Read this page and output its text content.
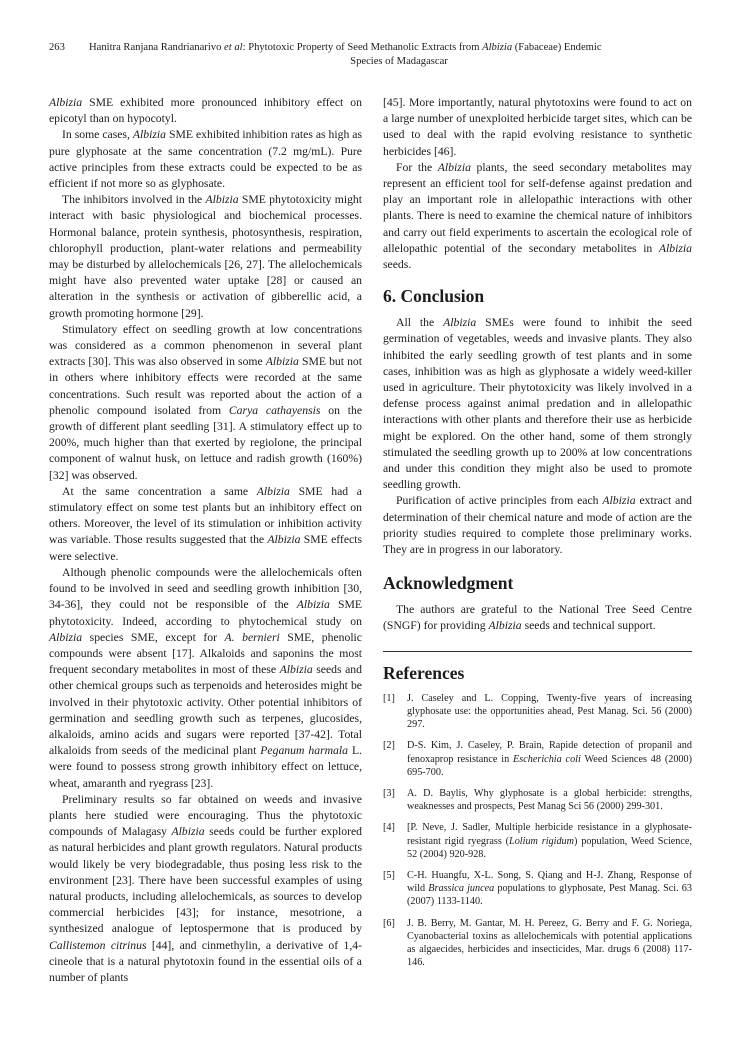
263 Hanitra Ranjana Randrianarivo et al: Phytotoxic Property of Seed Methanolic Extracts from Albizia (Fabaceae) Endemic
Species of Madagascar

Albizia SME exhibited more pronounced inhibitory effect on epicotyl than on hypocotyl.

In some cases, Albizia SME exhibited inhibition rates as high as pure glyphosate at the same concentration (7.2 mg/mL). Pure active principles from these extracts could be expected to be as efficient if not more so as glyphosate.

The inhibitors involved in the Albizia SME phytotoxicity might interact with basic physiological and biochemical processes. Hormonal balance, protein synthesis, photosynthesis, respiration, chlorophyll production, plant-water relations and permeability may be disturbed by allelochemicals [26, 27]. The allelochemicals might have also prevented water uptake [28] or caused an alteration in the synthesis or activation of gibberellic acid, a growth promoting hormone [29].

Stimulatory effect on seedling growth at low concentrations was considered as a common phenomenon in several plant extracts [30]. This was also observed in some Albizia SME but not in others where inhibitory effects were recorded at the same concentrations. Such result was reported about the action of a phenolic compound isolated from Carya cathayensis on the growth of different plant seedling [31]. A stimulatory effect up to 200%, much higher than that exerted by regiolone, the principal component of walnut husk, on lettuce and radish growth (160%) [32] was observed.

At the same concentration a same Albizia SME had a stimulatory effect on some test plants but an inhibitory effect on others. Moreover, the level of its stimulation or inhibition activity was variable. Those results suggested that the Albizia SME effects were selective.

Although phenolic compounds were the allelochemicals often found to be involved in seed and seedling growth inhibition [30, 34-36], they could not be responsible of the Albizia SME phytotoxicity. Indeed, according to phytochemical study on Albizia species SME, except for A. bernieri SME, phenolic compounds were absent [17]. Alkaloids and saponins the most frequent secondary metabolites in most of these Albizia seeds and other chemical groups such as terpenoids and heterosides might be involved in their phytotoxic activity. Other potential inhibitors of germination and seedling growth such as terpenes, glucosides, alkaloids, amino acids and sugars were reported [37-42]. Total alkaloids from seeds of the medicinal plant Peganum harmala L. were found to possess strong growth inhibitory effect on lettuce, wheat, amaranth and ryegrass [23].

Preliminary results so far obtained on weeds and invasive plants here studied were encouraging. Thus the phytotoxic compounds of Malagasy Albizia seeds could be further explored as natural herbicides and plant growth regulators. Natural products would likely be very biodegradable, thus posing less risk to the environment [23]. There have been successful examples of using natural products, including allelochemicals, as sources to develop commercial herbicides [43]; for instance, mesotrione, a synthesized analogue of leptospermone that is produced by Callistemon citrinus [44], and cinmethylin, a derivative of 1,4-cineole that is a natural phytotoxin found in the essential oils of a number of plants

[45]. More importantly, natural phytotoxins were found to act on a large number of unexploited herbicide target sites, which can be used to deal with the rapid evolving resistance to synthetic herbicides [46].

For the Albizia plants, the seed secondary metabolites may represent an efficient tool for self-defense against predation and play an important role in allelopathic interactions with other plants. There is need to examine the chemical nature of inhibitors and carry out field experiments to ascertain the ecological role of allelopathic potential of the secondary metabolites in Albizia seeds.

6. Conclusion

All the Albizia SMEs were found to inhibit the seed germination of vegetables, weeds and invasive plants. They also inhibited the early seedling growth of test plants and in some cases, inhibition was as high as glyphosate a widely weed-killer used in agriculture. Their phytotoxicity was likely involved in a defense process against animal predation and in allelopathic interactions with other plants and therefore their use as herbicide might be explored. On the other hand, some of them strongly stimulated the seedling growth up to 200% at low concentrations and under this condition they might also be used to promote seedling growth.

Purification of active principles from each Albizia extract and determination of their chemical nature and mode of action are the priority studies required to complete those preliminary works. They are in progress in our laboratory.

Acknowledgment

The authors are grateful to the National Tree Seed Centre (SNGF) for providing Albizia seeds and technical support.

References
[1]	J. Caseley and L. Copping, Twenty-five years of increasing glyphosate use: the opportunities ahead, Pest Manag. Sci. 56 (2000) 297.
[2]	D-S. Kim, J. Caseley, P. Brain, Rapide detection of propanil and fenoxaprop resistance in Escherichia coli Weed Sciences 48 (2000) 695-700.
[3]	A. D. Baylis, Why glyphosate is a global herbicide: strengths, weaknesses and prospects, Pest Manag Sci 56 (2000) 299-301.
[4]	[P. Neve, J. Sadler, Multiple herbicide resistance in a glyphosate-resistant rigid ryegrass (Lolium rigidum) population, Weed Science, 52 (2004) 920-928.
[5]	C-H. Huangfu, X-L. Song, S. Qiang and H-J. Zhang, Response of wild Brassica juncea populations to glyphosate, Pest Manag. Sci. 63 (2007) 1133-1140.
[6]	J. B. Berry, M. Gantar, M. H. Pereez, G. Berry and F. G. Noriega, Cyanobacterial toxins as allelochemicals with potential applications as algaecides, herbicides and insecticides, Mar. drugs 6 (2008) 117-146.
